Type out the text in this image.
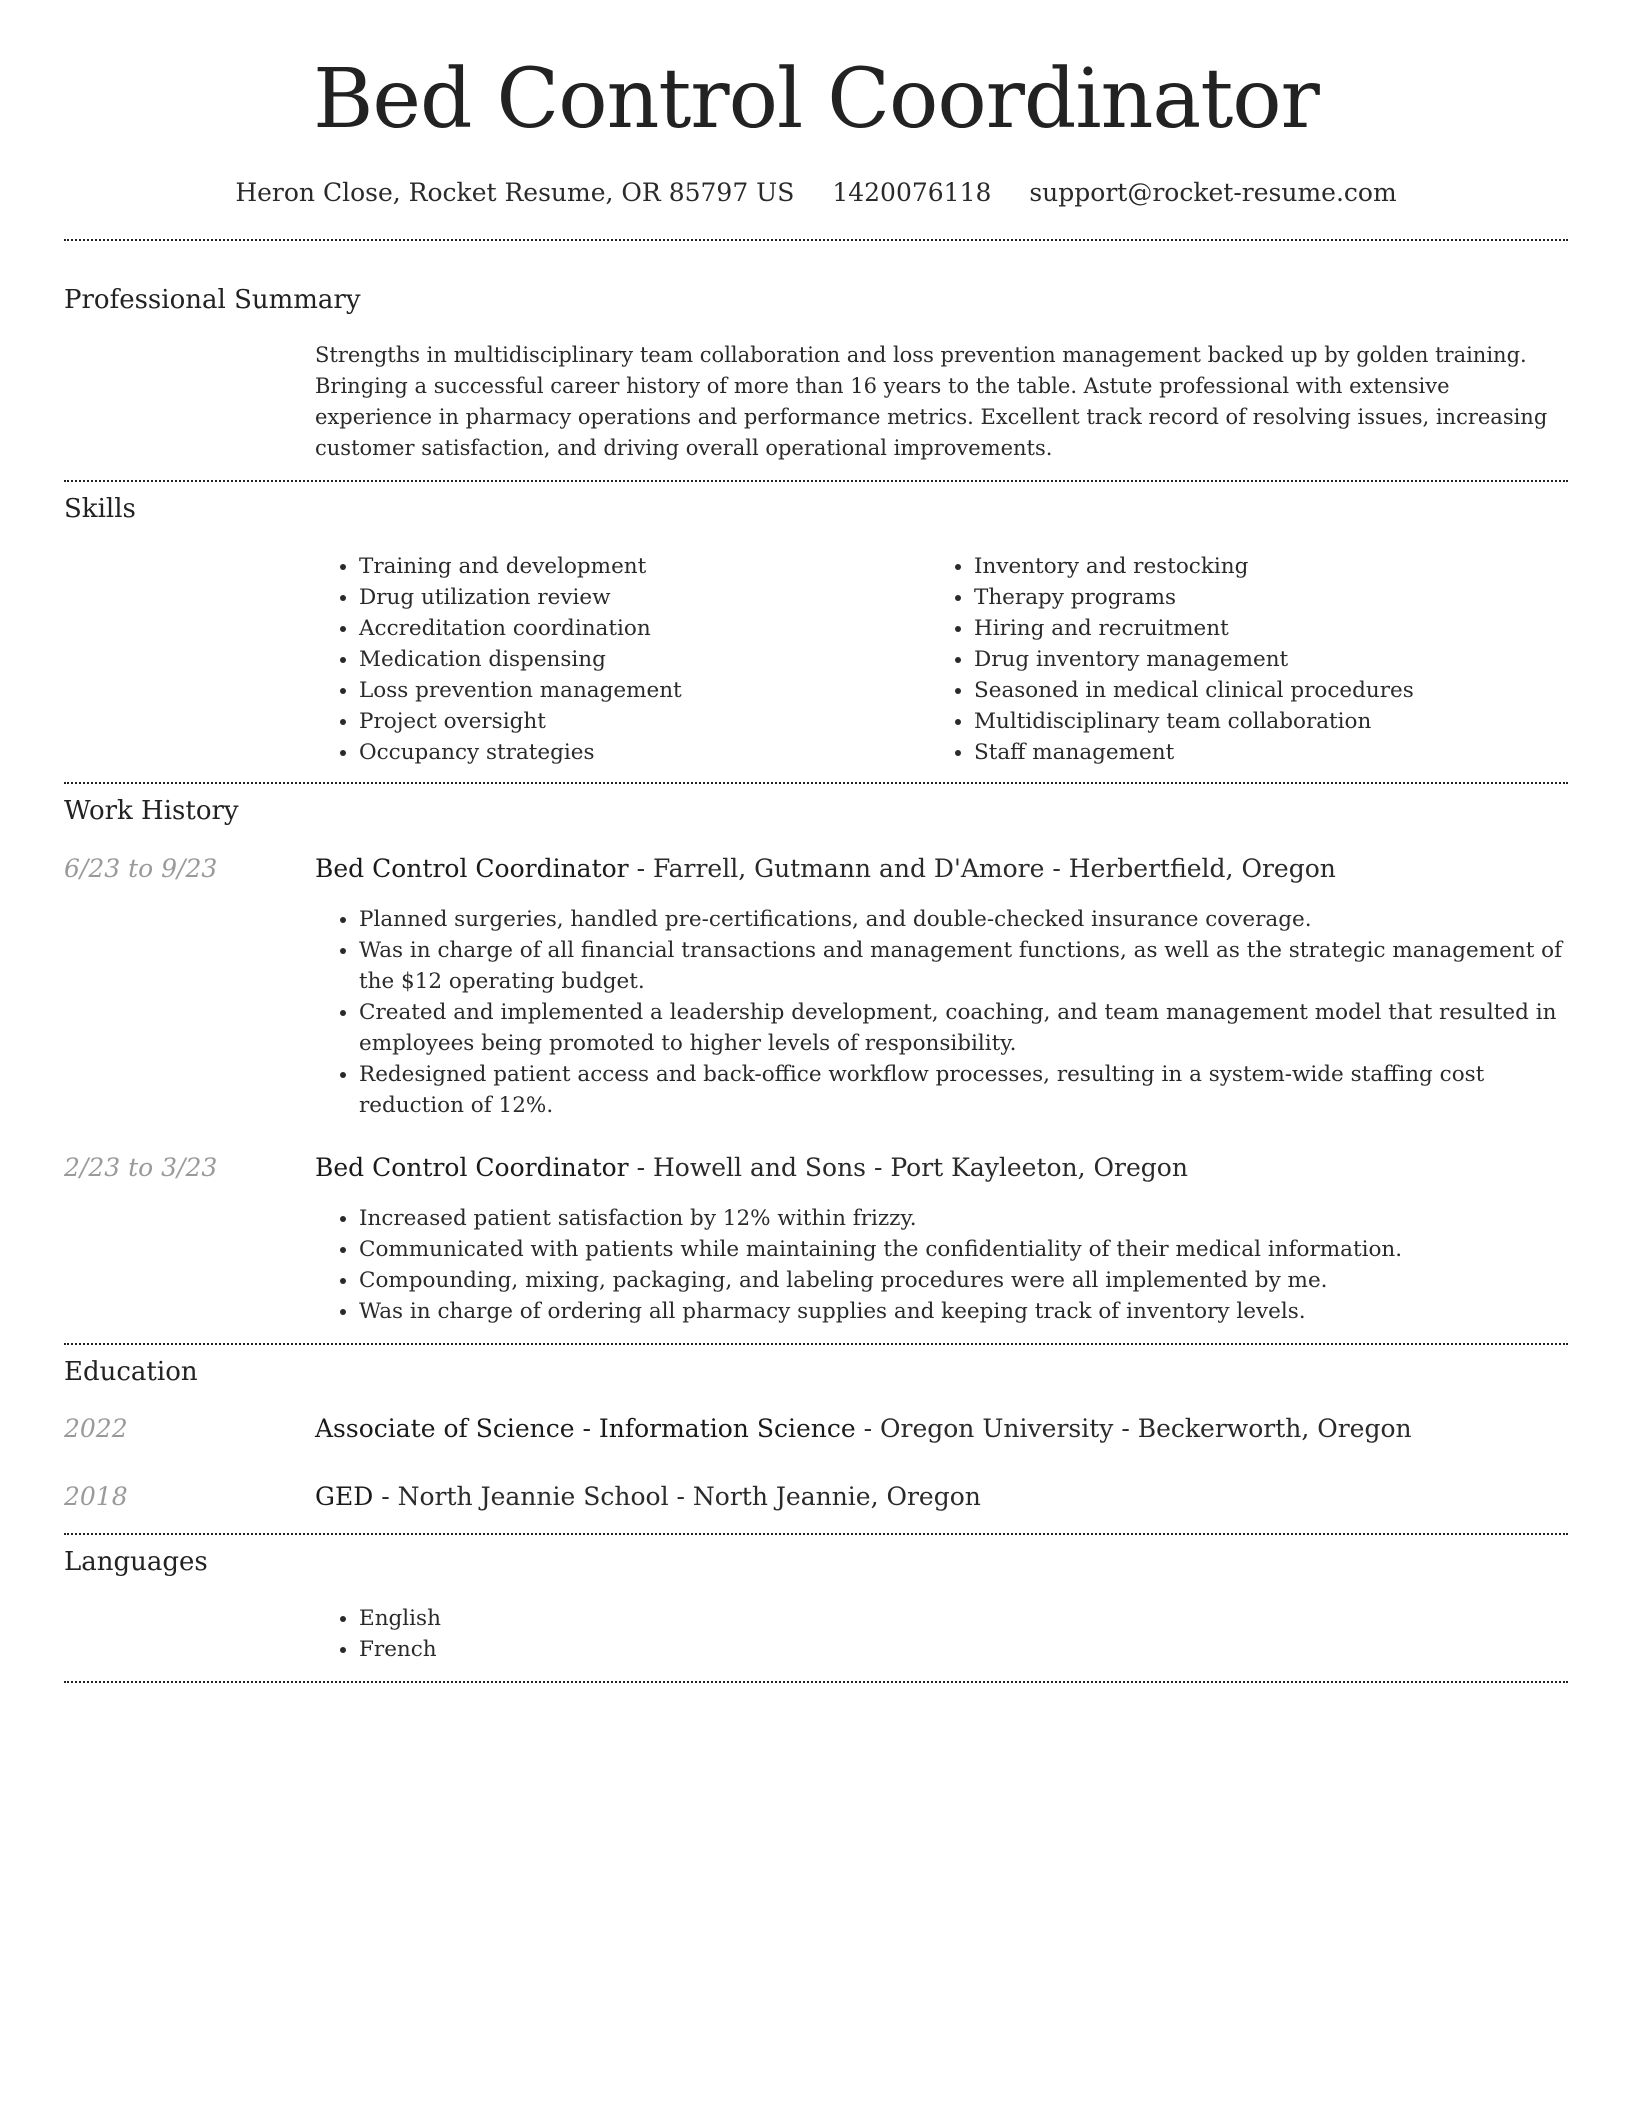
Bed Control Coordinator
Heron Close, Rocket Resume, OR 85797 US 1420076118 support@rocket-resume.com
Professional Summary

Strengths in multidisciplinary team collaboration and loss prevention management backed up by golden training. Bringing a successful career history of more than 16 years to the table. Astute professional with extensive experience in pharmacy operations and performance metrics. Excellent track record of resolving issues, increasing customer satisfaction, and driving overall operational improvements.

Skills
• Training and development
• Drug utilization review
• Accreditation coordination
• Medication dispensing
• Loss prevention management
• Project oversight
• Occupancy strategies
• Inventory and restocking
• Therapy programs
• Hiring and recruitment
• Drug inventory management
• Seasoned in medical clinical procedures
• Multidisciplinary team collaboration
• Staff management
Work History
6/23 to 9/23	Bed Control Coordinator - Farrell, Gutmann and D'Amore - Herbertfield, Oregon
• Planned surgeries, handled pre-certifications, and double-checked insurance coverage.
• Was in charge of all financial transactions and management functions, as well as the strategic management of the $12 operating budget.
• Created and implemented a leadership development, coaching, and team management model that resulted in employees being promoted to higher levels of responsibility.
• Redesigned patient access and back-office workflow processes, resulting in a system-wide staffing cost reduction of 12%.
2/23 to 3/23	Bed Control Coordinator - Howell and Sons - Port Kayleeton, Oregon
• Increased patient satisfaction by 12% within frizzy.
• Communicated with patients while maintaining the confidentiality of their medical information.
• Compounding, mixing, packaging, and labeling procedures were all implemented by me.
• Was in charge of ordering all pharmacy supplies and keeping track of inventory levels.
Education
2022	Associate of Science - Information Science - Oregon University - Beckerworth, Oregon
2018	GED - North Jeannie School - North Jeannie, Oregon
Languages
• English
• French
